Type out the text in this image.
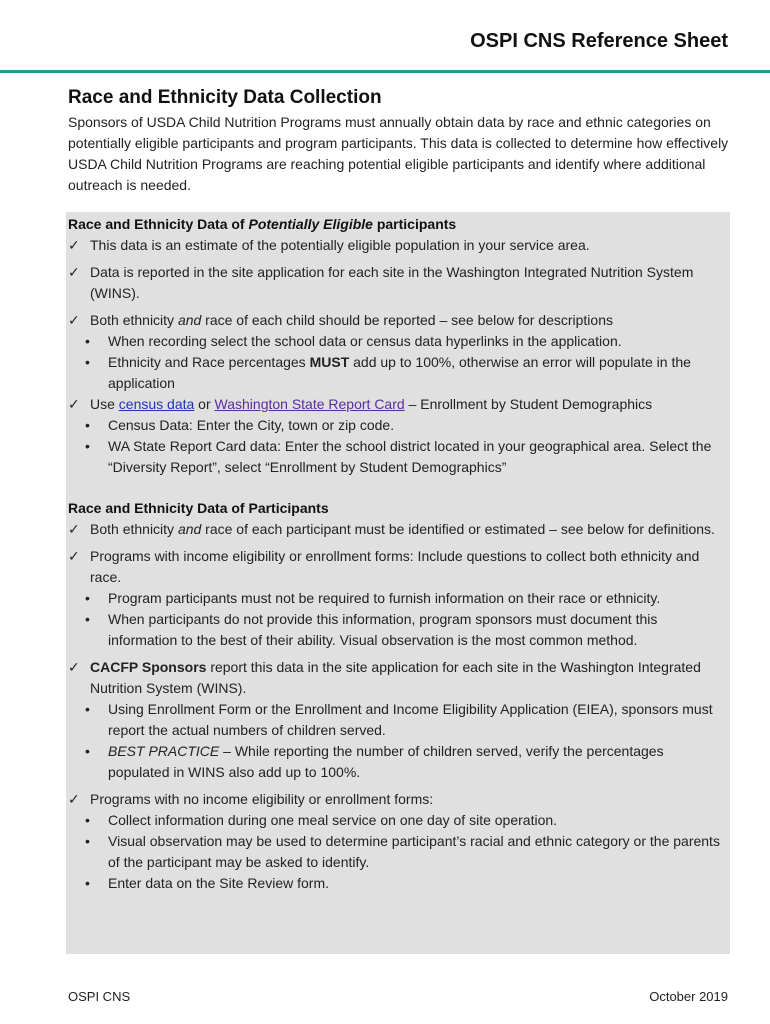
OSPI CNS Reference Sheet
Race and Ethnicity Data Collection

Sponsors of USDA Child Nutrition Programs must annually obtain data by race and ethnic categories on potentially eligible participants and program participants. This data is collected to determine how effectively USDA Child Nutrition Programs are reaching potential eligible participants and identify where additional outreach is needed.

Race and Ethnicity Data of Potentially Eligible participants
✓ This data is an estimate of the potentially eligible population in your service area.
✓ Data is reported in the site application for each site in the Washington Integrated Nutrition System (WINS).
✓ Both ethnicity and race of each child should be reported – see below for descriptions
• When recording select the school data or census data hyperlinks in the application.
• Ethnicity and Race percentages MUST add up to 100%, otherwise an error will populate in the application
✓ Use census data or Washington State Report Card – Enrollment by Student Demographics
• Census Data: Enter the City, town or zip code.
• WA State Report Card data: Enter the school district located in your geographical area. Select the “Diversity Report”, select “Enrollment by Student Demographics”
Race and Ethnicity Data of Participants
✓ Both ethnicity and race of each participant must be identified or estimated – see below for definitions.
✓ Programs with income eligibility or enrollment forms: Include questions to collect both ethnicity and race.
• Program participants must not be required to furnish information on their race or ethnicity.
• When participants do not provide this information, program sponsors must document this information to the best of their ability. Visual observation is the most common method.
✓ CACFP Sponsors report this data in the site application for each site in the Washington Integrated Nutrition System (WINS).
• Using Enrollment Form or the Enrollment and Income Eligibility Application (EIEA), sponsors must report the actual numbers of children served.
• BEST PRACTICE – While reporting the number of children served, verify the percentages populated in WINS also add up to 100%.
✓ Programs with no income eligibility or enrollment forms:
• Collect information during one meal service on one day of site operation.
• Visual observation may be used to determine participant’s racial and ethnic category or the parents of the participant may be asked to identify.
• Enter data on the Site Review form.
OSPI CNS	October 2019
